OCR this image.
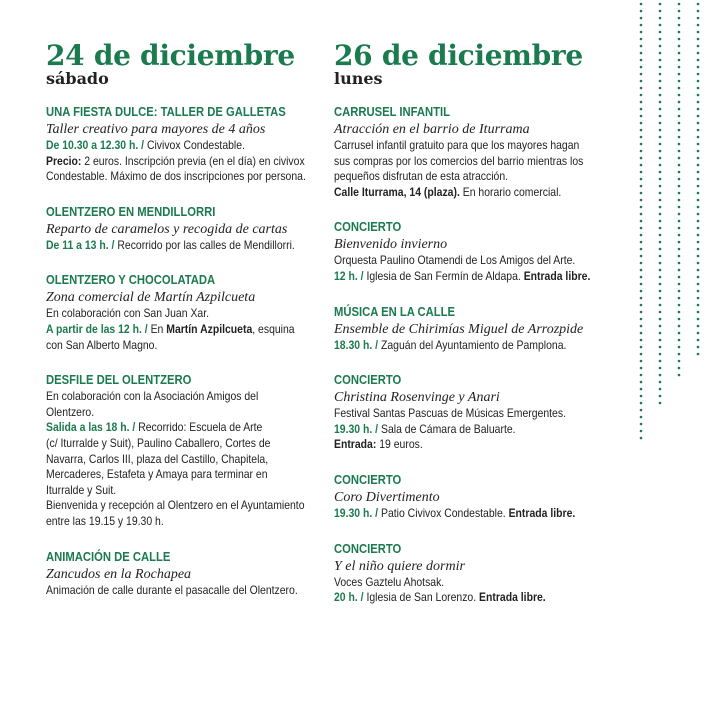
24 de diciembre
sábado
UNA FIESTA DULCE: TALLER DE GALLETAS
Taller creativo para mayores de 4 años
De 10.30 a 12.30 h. / Civivox Condestable.
Precio: 2 euros. Inscripción previa (en el día) en civivox
Condestable. Máximo de dos inscripciones por persona.
OLENTZERO EN MENDILLORRI
Reparto de caramelos y recogida de cartas
De 11 a 13 h. / Recorrido por las calles de Mendillorri.
OLENTZERO Y CHOCOLATADA
Zona comercial de Martín Azpilcueta
En colaboración con San Juan Xar.
A partir de las 12 h. / En Martín Azpilcueta, esquina
con San Alberto Magno.
DESFILE DEL OLENTZERO
En colaboración con la Asociación Amigos del
Olentzero.
Salida a las 18 h. / Recorrido: Escuela de Arte
(c/ Iturralde y Suit), Paulino Caballero, Cortes de
Navarra, Carlos III, plaza del Castillo, Chapitela,
Mercaderes, Estafeta y Amaya para terminar en
Iturralde y Suit.
Bienvenida y recepción al Olentzero en el Ayuntamiento
entre las 19.15 y 19.30 h.
ANIMACIÓN DE CALLE
Zancudos en la Rochapea
Animación de calle durante el pasacalle del Olentzero.
26 de diciembre
lunes
CARRUSEL INFANTIL
Atracción en el barrio de Iturrama
Carrusel infantil gratuito para que los mayores hagan
sus compras por los comercios del barrio mientras los
pequeños disfrutan de esta atracción.
Calle Iturrama, 14 (plaza). En horario comercial.
CONCIERTO
Bienvenido invierno
Orquesta Paulino Otamendi de Los Amigos del Arte.
12 h. / Iglesia de San Fermín de Aldapa. Entrada libre.
MÚSICA EN LA CALLE
Ensemble de Chirimías Miguel de Arrozpide
18.30 h. / Zaguán del Ayuntamiento de Pamplona.
CONCIERTO
Christina Rosenvinge y Anari
Festival Santas Pascuas de Músicas Emergentes.
19.30 h. / Sala de Cámara de Baluarte.
Entrada: 19 euros.
CONCIERTO
Coro Divertimento
19.30 h. / Patio Civivox Condestable. Entrada libre.
CONCIERTO
Y el niño quiere dormir
Voces Gaztelu Ahotsak.
20 h. / Iglesia de San Lorenzo. Entrada libre.
